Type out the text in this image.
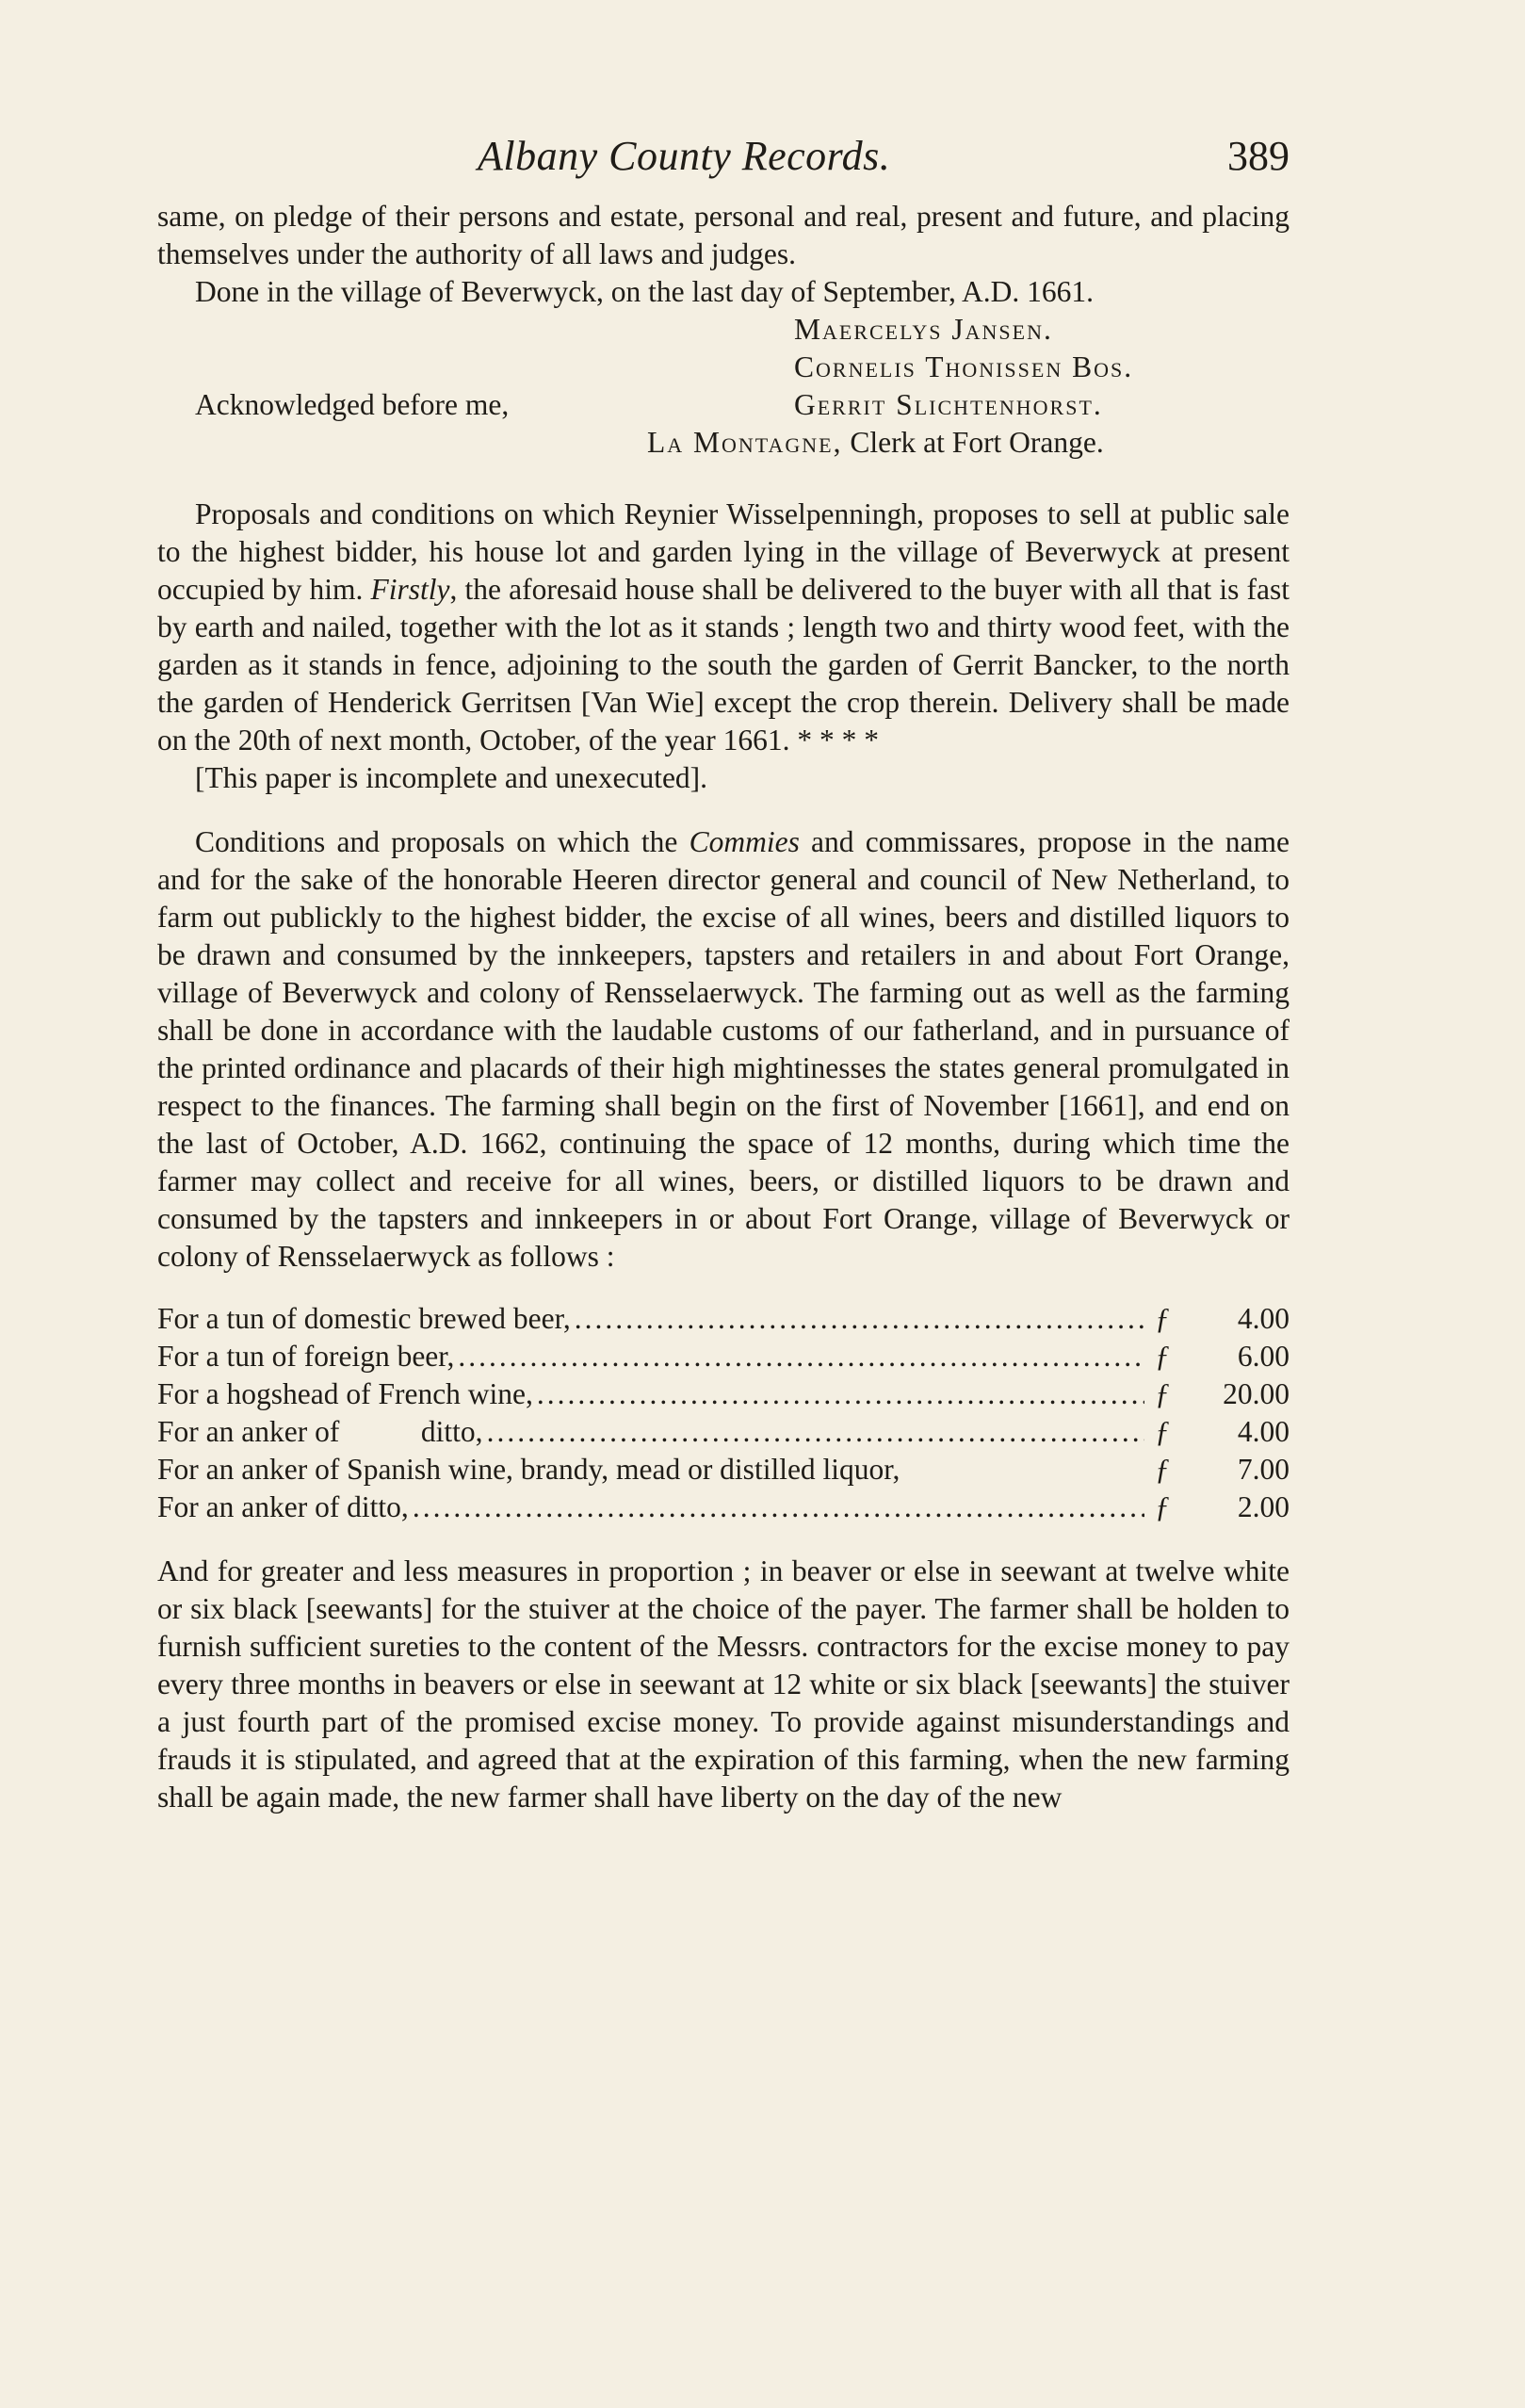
Albany County Records.	389

same, on pledge of their persons and estate, personal and real, present and future, and placing themselves under the authority of all laws and judges.

Done in the village of Beverwyck, on the last day of September, A.D. 1661.

Maercelys Jansen.
Cornelis Thonissen Bos.
Acknowledged before me,	Gerrit Slichtenhorst.
La Montagne, Clerk at Fort Orange.

Proposals and conditions on which Reynier Wisselpenningh, proposes to sell at public sale to the highest bidder, his house lot and garden lying in the village of Beverwyck at present occupied by him. Firstly, the aforesaid house shall be delivered to the buyer with all that is fast by earth and nailed, together with the lot as it stands ; length two and thirty wood feet, with the garden as it stands in fence, adjoining to the south the garden of Gerrit Bancker, to the north the garden of Henderick Gerritsen [Van Wie] except the crop therein. Delivery shall be made on the 20th of next month, October, of the year 1661. * * * *

[This paper is incomplete and unexecuted].

Conditions and proposals on which the Commies and commissares, propose in the name and for the sake of the honorable Heeren director general and council of New Netherland, to farm out publickly to the highest bidder, the excise of all wines, beers and distilled liquors to be drawn and consumed by the innkeepers, tapsters and retailers in and about Fort Orange, village of Beverwyck and colony of Rensselaerwyck. The farming out as well as the farming shall be done in accordance with the laudable customs of our fatherland, and in pursuance of the printed ordinance and placards of their high mightinesses the states general promulgated in respect to the finances. The farming shall begin on the first of November [1661], and end on the last of October, A.D. 1662, continuing the space of 12 months, during which time the farmer may collect and receive for all wines, beers, or distilled liquors to be drawn and consumed by the tapsters and innkeepers in or about Fort Orange, village of Beverwyck or colony of Rensselaerwyck as follows :

For a tun of domestic brewed beer, .....	ƒ	4.00
For a tun of foreign beer, .....	ƒ	6.00
For a hogshead of French wine, .....	ƒ	20.00
For an anker of           ditto, .....	ƒ	4.00
For an anker of Spanish wine, brandy, mead or distilled liquor,	ƒ	7.00
For an anker of ditto, .....	ƒ	2.00

And for greater and less measures in proportion ; in beaver or else in seewant at twelve white or six black [seewants] for the stuiver at the choice of the payer. The farmer shall be holden to furnish sufficient sureties to the content of the Messrs. contractors for the excise money to pay every three months in beavers or else in seewant at 12 white or six black [seewants] the stuiver a just fourth part of the promised excise money. To provide against misunderstandings and frauds it is stipulated, and agreed that at the expiration of this farming, when the new farming shall be again made, the new farmer shall have liberty on the day of the new
